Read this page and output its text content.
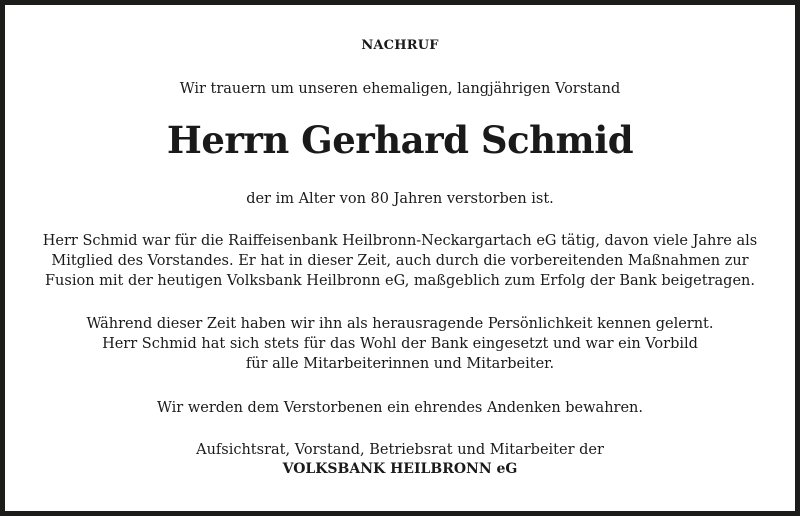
NACHRUF
Wir trauern um unseren ehemaligen, langjährigen Vorstand
Herrn Gerhard Schmid
der im Alter von 80 Jahren verstorben ist.
Herr Schmid war für die Raiffeisenbank Heilbronn-Neckargartach eG tätig, davon viele Jahre als
Mitglied des Vorstandes. Er hat in dieser Zeit, auch durch die vorbereitenden Maßnahmen zur
Fusion mit der heutigen Volksbank Heilbronn eG, maßgeblich zum Erfolg der Bank beigetragen.
Während dieser Zeit haben wir ihn als herausragende Persönlichkeit kennen gelernt.
Herr Schmid hat sich stets für das Wohl der Bank eingesetzt und war ein Vorbild
für alle Mitarbeiterinnen und Mitarbeiter.
Wir werden dem Verstorbenen ein ehrendes Andenken bewahren.
Aufsichtsrat, Vorstand, Betriebsrat und Mitarbeiter der
VOLKSBANK HEILBRONN eG
